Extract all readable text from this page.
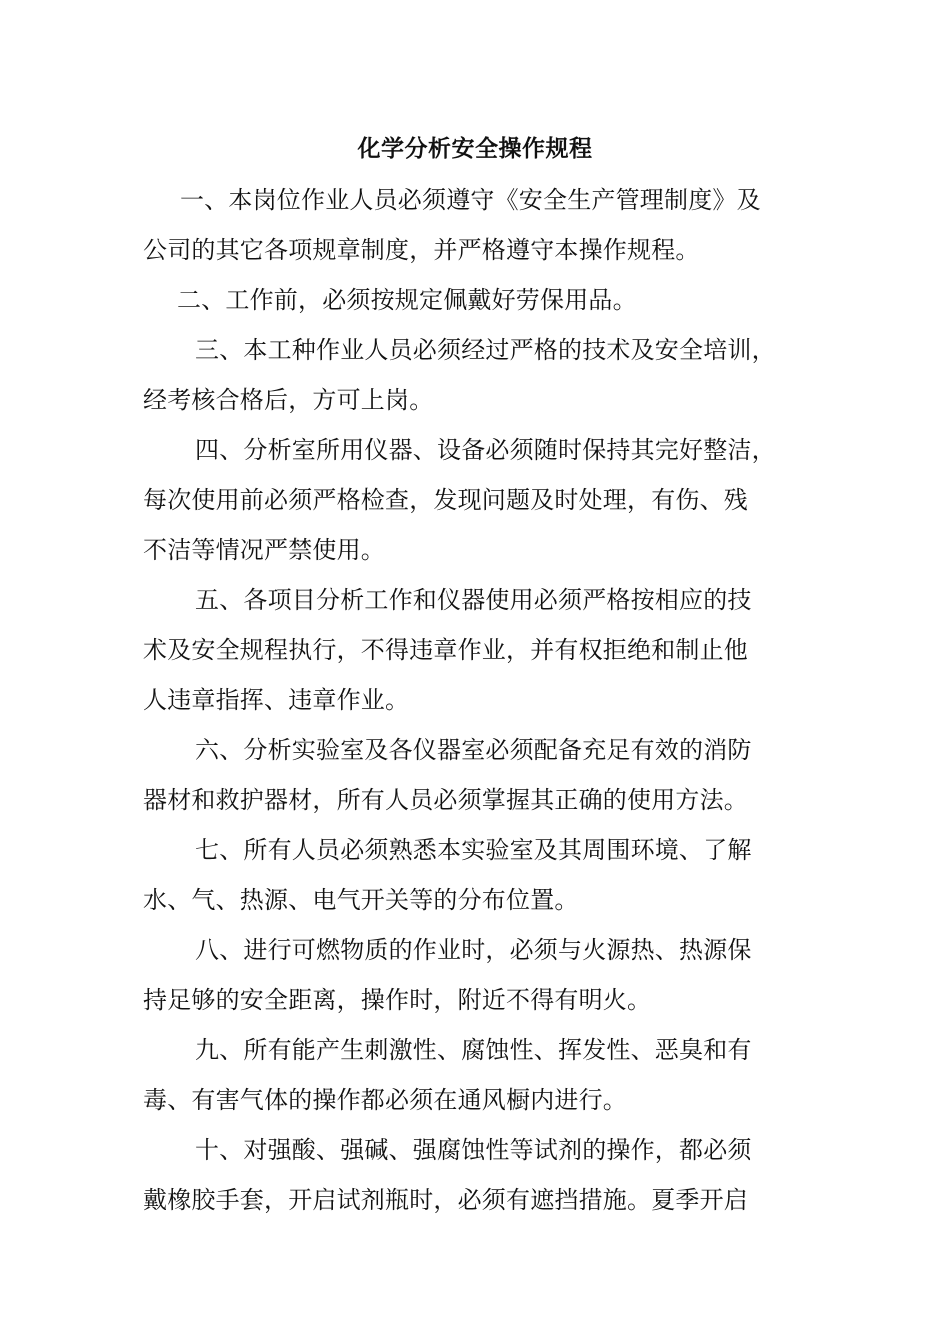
化学分析安全操作规程
一、本岗位作业人员必须遵守《安全生产管理制度》及
公司的其它各项规章制度，并严格遵守本操作规程。
二、工作前，必须按规定佩戴好劳保用品。
三、本工种作业人员必须经过严格的技术及安全培训，
经考核合格后，方可上岗。
四、分析室所用仪器、设备必须随时保持其完好整洁，
每次使用前必须严格检查，发现问题及时处理，有伤、残
不洁等情况严禁使用。
五、各项目分析工作和仪器使用必须严格按相应的技
术及安全规程执行，不得违章作业，并有权拒绝和制止他
人违章指挥、违章作业。
六、分析实验室及各仪器室必须配备充足有效的消防
器材和救护器材，所有人员必须掌握其正确的使用方法。
七、所有人员必须熟悉本实验室及其周围环境、了解
水、气、热源、电气开关等的分布位置。
八、进行可燃物质的作业时，必须与火源热、热源保
持足够的安全距离，操作时，附近不得有明火。
九、所有能产生刺激性、腐蚀性、挥发性、恶臭和有
毒、有害气体的操作都必须在通风橱内进行。
十、对强酸、强碱、强腐蚀性等试剂的操作，都必须
戴橡胶手套，开启试剂瓶时，必须有遮挡措施。夏季开启
